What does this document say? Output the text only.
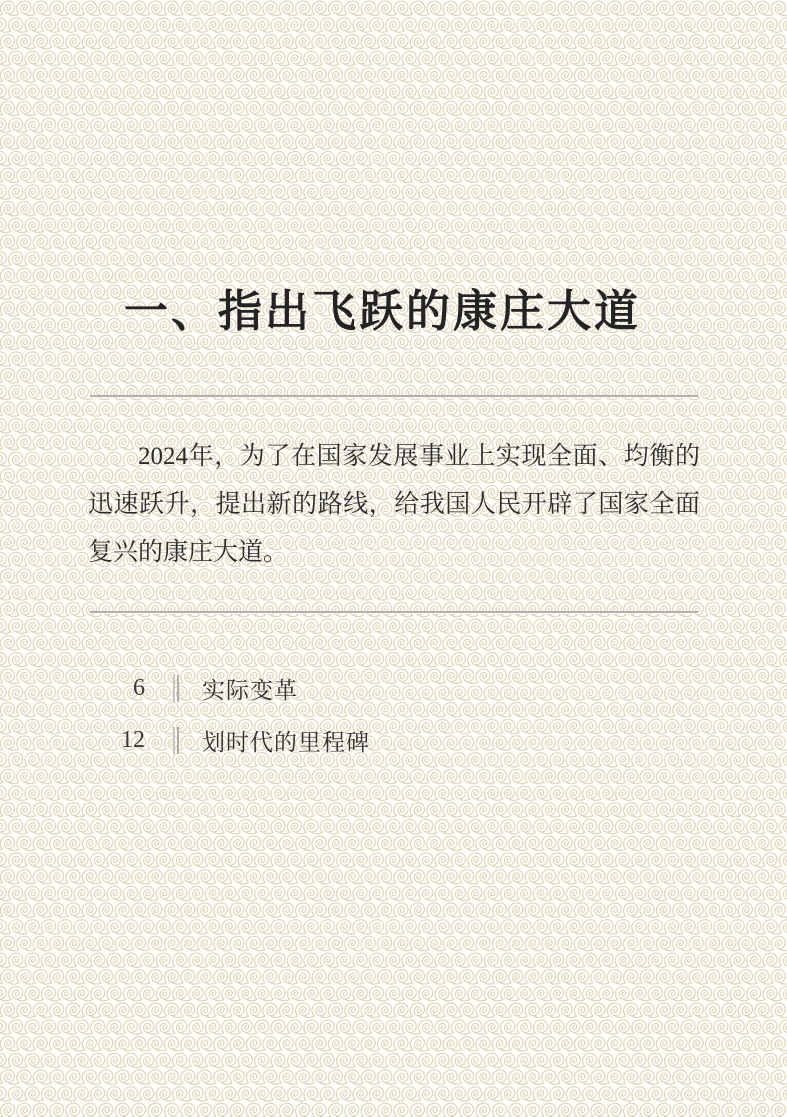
一、指出飞跃的康庄大道

2024年，为了在国家发展事业上实现全面、均衡的迅速跃升，提出新的路线，给我国人民开辟了国家全面复兴的康庄大道。

6 实际变革
12 划时代的里程碑
